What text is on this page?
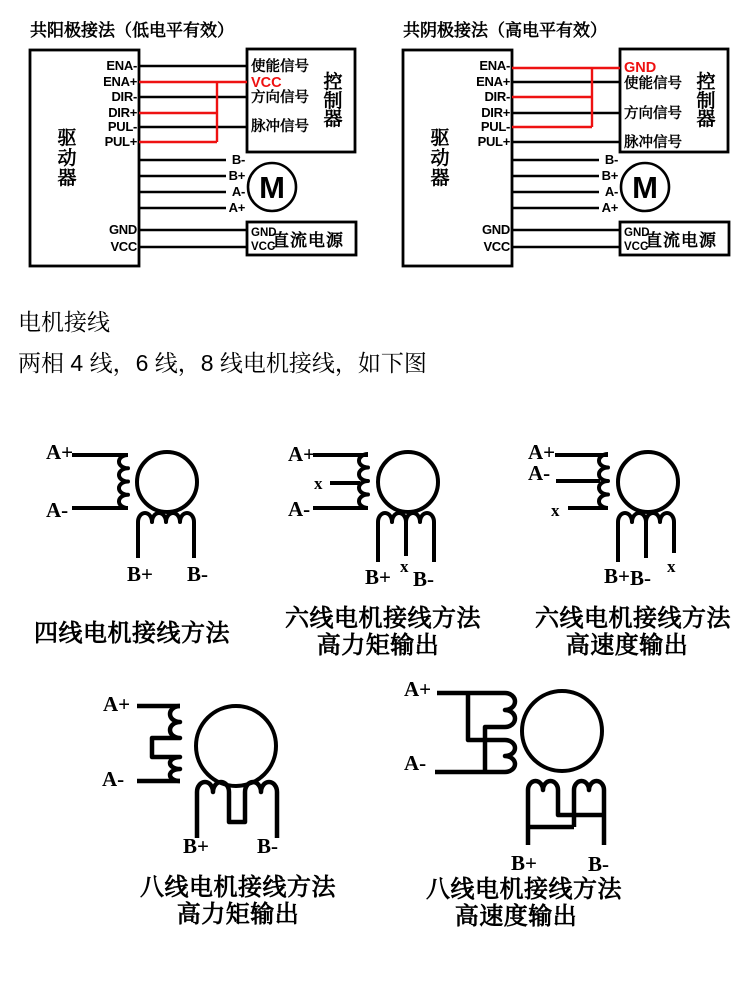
共阳极接法（低电平有效）
驱
动
器
控
制
器
ENA-
ENA+
DIR-
DIR+
PUL-
PUL+
使能信号
VCC
方向信号
脉冲信号
B-
B+
A-
A+
M
GND
VCC
GND
VCC
直流电源
共阴极接法（高电平有效）
驱
动
器
控
制
器
ENA-
ENA+
DIR-
DIR+
PUL-
PUL+
GND
使能信号
方向信号
脉冲信号
B-
B+
A-
A+
M
GND
VCC
GND
VCC
直流电源
电机接线
两相 4 线，6 线，8 线电机接线，如下图
A+
A-
B+ B-
四线电机接线方法
A+
x
A-
B+ x
B-
六线电机接线方法
高力矩输出
A+
A-
x
B+ B- x
六线电机接线方法
高速度输出
A+
A-
B+ B-
八线电机接线方法
高力矩输出
A+
A-
B+ B-
八线电机接线方法
高速度输出
